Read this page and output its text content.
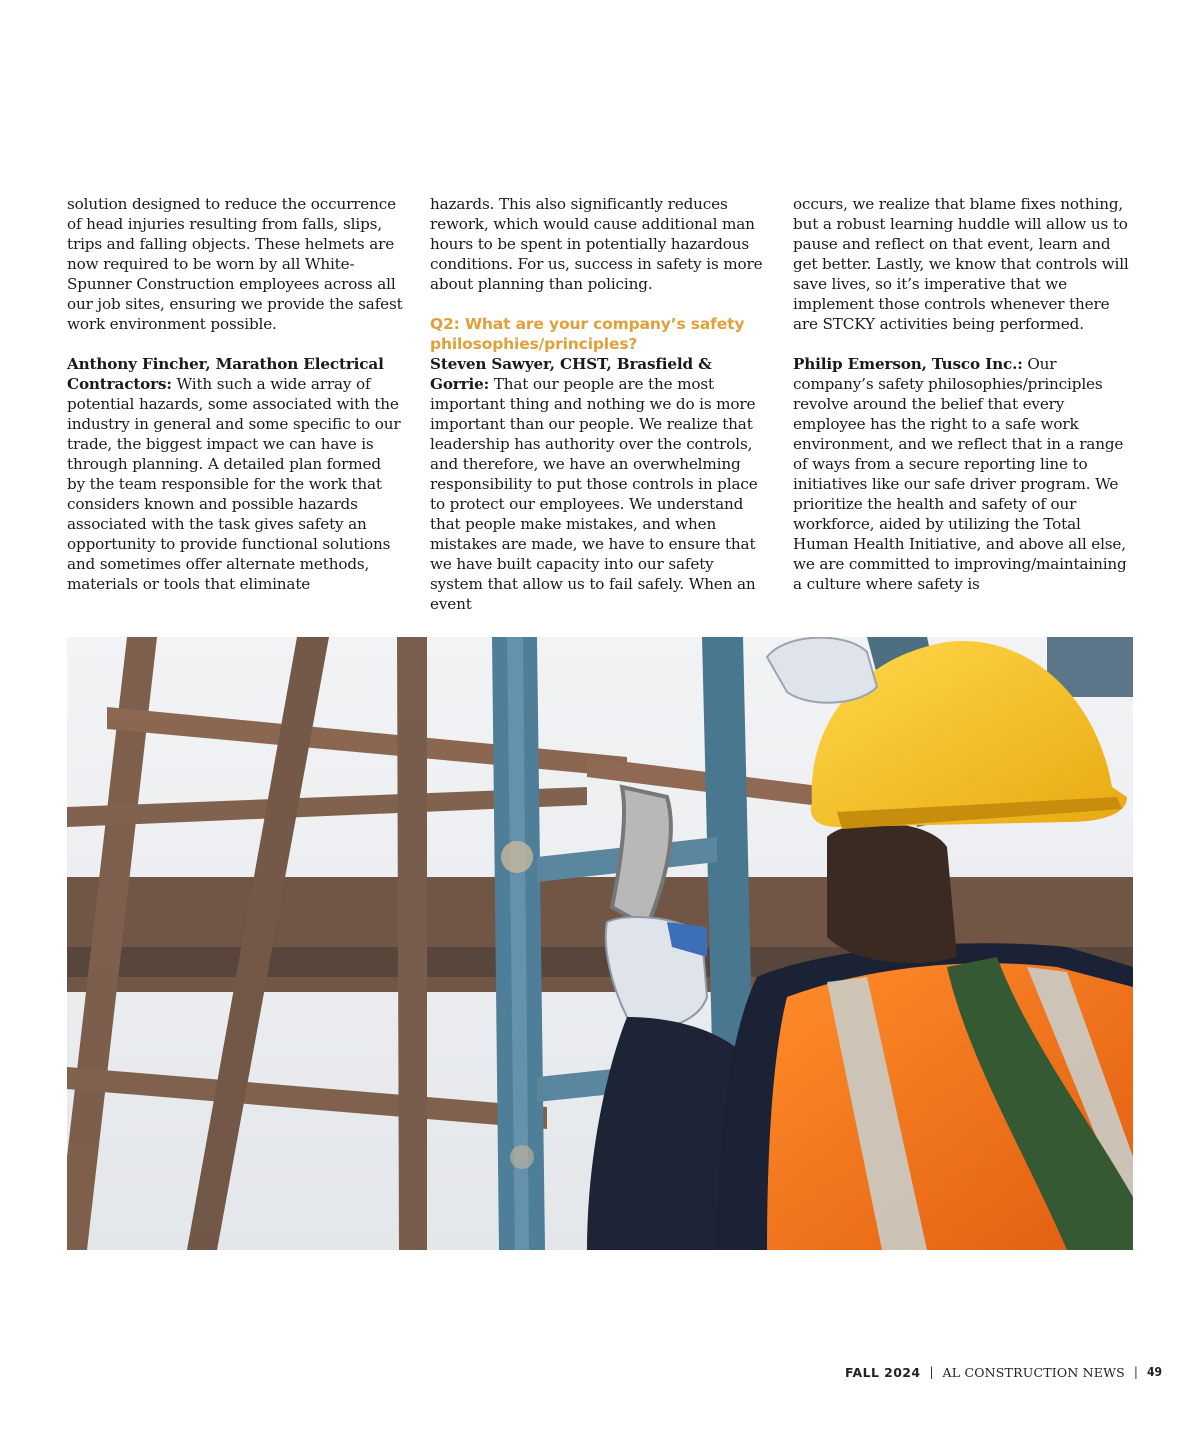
solution designed to reduce the occurrence of head injuries resulting from falls, slips, trips and falling objects. These helmets are now required to be worn by all White-Spunner Construction employees across all our job sites, ensuring we provide the safest work environment possible.

Anthony Fincher, Marathon Electrical Contractors: With such a wide array of potential hazards, some associated with the industry in general and some specific to our trade, the biggest impact we can have is through planning. A detailed plan formed by the team responsible for the work that considers known and possible hazards associated with the task gives safety an opportunity to provide functional solutions and sometimes offer alternate methods, materials or tools that eliminate

hazards. This also significantly reduces rework, which would cause additional man hours to be spent in potentially hazardous conditions. For us, success in safety is more about planning than policing.

Q2: What are your company’s safety philosophies/principles?

Steven Sawyer, CHST, Brasfield & Gorrie: That our people are the most important thing and nothing we do is more important than our people. We realize that leadership has authority over the controls, and therefore, we have an overwhelming responsibility to put those controls in place to protect our employees. We understand that people make mistakes, and when mistakes are made, we have to ensure that we have built capacity into our safety system that allow us to fail safely. When an event

occurs, we realize that blame fixes nothing, but a robust learning huddle will allow us to pause and reflect on that event, learn and get better. Lastly, we know that controls will save lives, so it’s imperative that we implement those controls whenever there are STCKY activities being performed.

Philip Emerson, Tusco Inc.: Our company’s safety philosophies/principles revolve around the belief that every employee has the right to a safe work environment, and we reflect that in a range of ways from a secure reporting line to initiatives like our safe driver program. We prioritize the health and safety of our workforce, aided by utilizing the Total Human Health Initiative, and above all else, we are committed to improving/maintaining a culture where safety is

FALL 2024 | AL CONSTRUCTION NEWS | 49
